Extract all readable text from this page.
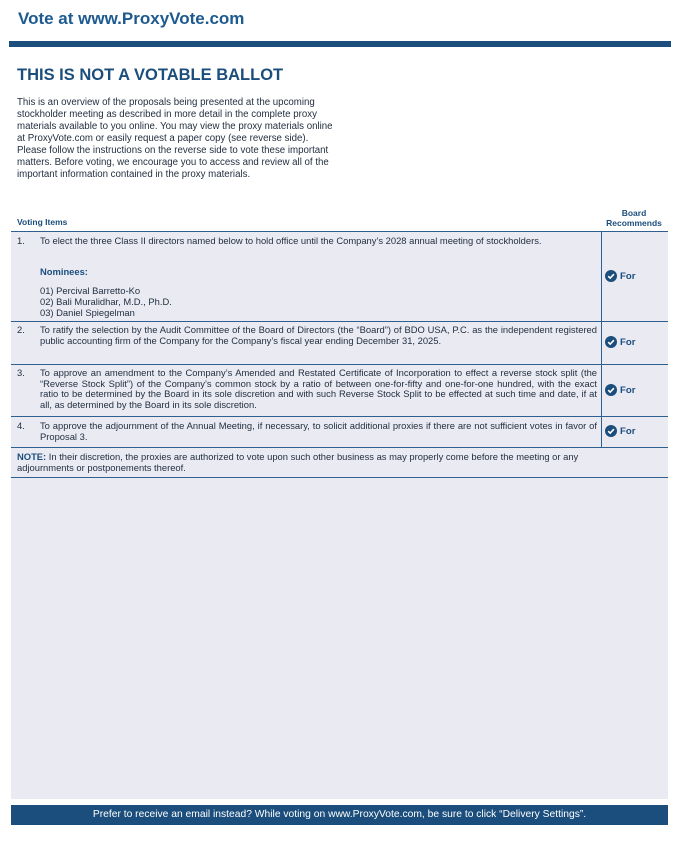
Vote at www.ProxyVote.com
THIS IS NOT A VOTABLE BALLOT
This is an overview of the proposals being presented at the upcoming stockholder meeting as described in more detail in the complete proxy materials available to you online. You may view the proxy materials online at ProxyVote.com or easily request a paper copy (see reverse side). Please follow the instructions on the reverse side to vote these important matters. Before voting, we encourage you to access and review all of the important information contained in the proxy materials.
Voting Items
Board
Recommends
1. To elect the three Class II directors named below to hold office until the Company’s 2028 annual meeting of stockholders.
Nominees:
01) Percival Barretto-Ko
02) Bali Muralidhar, M.D., Ph.D.
03) Daniel Spiegelman
For
2. To ratify the selection by the Audit Committee of the Board of Directors (the “Board”) of BDO USA, P.C. as the independent registered public accounting firm of the Company for the Company’s fiscal year ending December 31, 2025.	For
3. To approve an amendment to the Company’s Amended and Restated Certificate of Incorporation to effect a reverse stock split (the “Reverse Stock Split”) of the Company’s common stock by a ratio of between one-for-fifty and one-for-one hundred, with the exact ratio to be determined by the Board in its sole discretion and with such Reverse Stock Split to be effected at such time and date, if at all, as determined by the Board in its sole discretion.
For
4. To approve the adjournment of the Annual Meeting, if necessary, to solicit additional proxies if there are not sufficient votes in favor of Proposal 3.	For
NOTE: In their discretion, the proxies are authorized to vote upon such other business as may properly come before the meeting or any adjournments or postponements thereof.
Prefer to receive an email instead? While voting on www.ProxyVote.com, be sure to click “Delivery Settings”.
